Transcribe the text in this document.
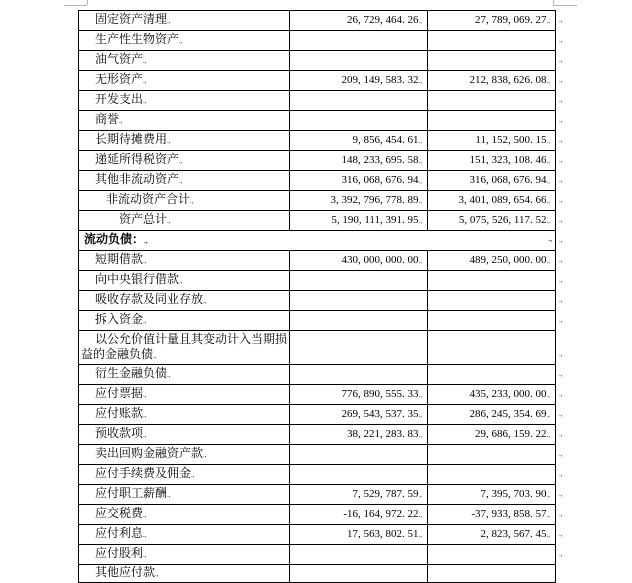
固定资产清理.,	26, 729, 464. 26.,	27, 789, 069. 27.,	.,
生产性生物资产.,			.,
油气资产.,			.,
无形资产.,	209, 149, 583. 32.,	212, 838, 626. 08.,	.,
开发支出.,			.,
商誉.,			.,
长期待摊费用.,	9, 856, 454. 61.,	11, 152, 500. 15.,	.,
递延所得税资产.,	148, 233, 695. 58.,	151, 323, 108. 46.,	.,
其他非流动资产.,	316, 068, 676. 94.,	316, 068, 676. 94.,	.,
非流动资产合计.,	3, 392, 796, 778. 89.,	3, 401, 089, 654. 66.,	.,
资产总计.,	5, 190, 111, 391. 95.,	5, 075, 526, 117. 52.,	.,
流动负债：., .,			.,
短期借款.,	430, 000, 000. 00.,	489, 250, 000. 00.,	.,
向中央银行借款.,			.,
吸收存款及同业存放.,			.,
拆入资金.,			.,
以公允价值计量且其变动计入当期损益的金融负债.,			.,
衍生金融负债.,			.,
应付票据.,	776, 890, 555. 33.,	435, 233, 000. 00.,	.,
应付账款.,	269, 543, 537. 35.,	286, 245, 354. 69.,	.,
预收款项.,	38, 221, 283. 83.,	29, 686, 159. 22.,	.,
卖出回购金融资产款.,			.,
应付手续费及佣金.,			.,
应付职工薪酬.,	7, 529, 787. 59.,	7, 395, 703. 90.,	.,
应交税费.,	-16, 164, 972. 22.,	-37, 933, 858. 57.,	.,
应付利息.,	17, 563, 802. 51.,	2, 823, 567. 45.,	.,
应付股利.,			.,
其他应付款.,			
